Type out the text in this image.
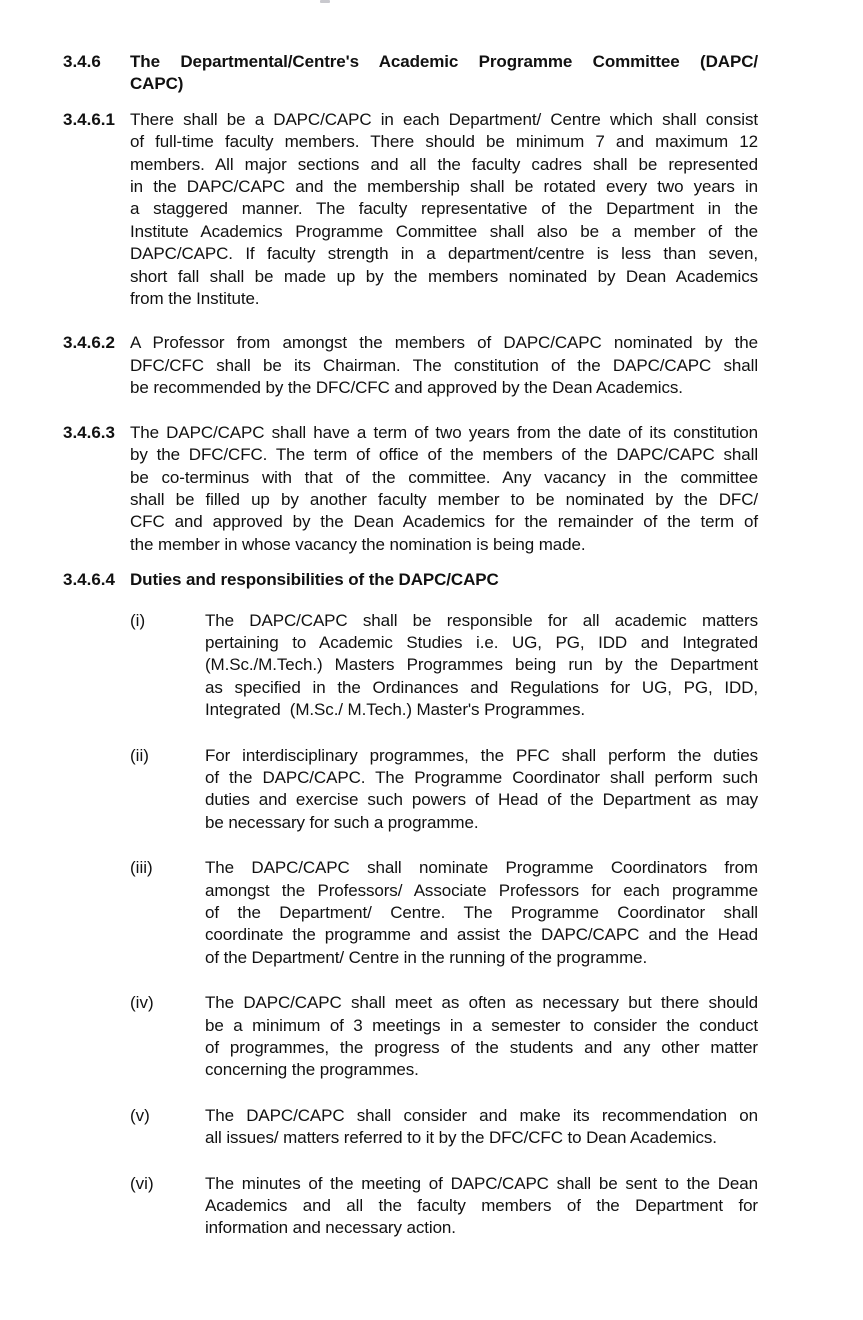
3.4.6	The Departmental/Centre's Academic Programme Committee (DAPC/
CAPC)
3.4.6.1 There shall be a DAPC/CAPC in each Department/ Centre which shall consist
of full-time faculty members. There should be minimum 7 and maximum 12
members. All major sections and all the faculty cadres shall be represented
in the DAPC/CAPC and the membership shall be rotated every two years in
a staggered manner. The faculty representative of the Department in the
Institute Academics Programme Committee shall also be a member of the
DAPC/CAPC. If faculty strength in a department/centre is less than seven,
short fall shall be made up by the members nominated by Dean Academics
from the Institute.
3.4.6.2 A Professor from amongst the members of DAPC/CAPC nominated by the
DFC/CFC shall be its Chairman. The constitution of the DAPC/CAPC shall
be recommended by the DFC/CFC and approved by the Dean Academics.
3.4.6.3 The DAPC/CAPC shall have a term of two years from the date of its constitution
by the DFC/CFC. The term of office of the members of the DAPC/CAPC shall
be co-terminus with that of the committee. Any vacancy in the committee
shall be filled up by another faculty member to be nominated by the DFC/
CFC and approved by the Dean Academics for the remainder of the term of
the member in whose vacancy the nomination is being made.
3.4.6.4 Duties and responsibilities of the DAPC/CAPC
(i)	The DAPC/CAPC shall be responsible for all academic matters
pertaining to Academic Studies i.e. UG, PG, IDD and Integrated
(M.Sc./M.Tech.) Masters Programmes being run by the Department
as specified in the Ordinances and Regulations for UG, PG, IDD,
Integrated  (M.Sc./ M.Tech.) Master's Programmes.
(ii)	For interdisciplinary programmes, the PFC shall perform the duties
of the DAPC/CAPC. The Programme Coordinator shall perform such
duties and exercise such powers of Head of the Department as may
be necessary for such a programme.
(iii)	The DAPC/CAPC shall nominate Programme Coordinators from
amongst the Professors/ Associate Professors for each programme
of the Department/ Centre. The Programme Coordinator shall
coordinate the programme and assist the DAPC/CAPC and the Head
of the Department/ Centre in the running of the programme.
(iv)	The DAPC/CAPC shall meet as often as necessary but there should
be a minimum of 3 meetings in a semester to consider the conduct
of programmes, the progress of the students and any other matter
concerning the programmes.
(v)	The DAPC/CAPC shall consider and make its recommendation on
all issues/ matters referred to it by the DFC/CFC to Dean Academics.
(vi)	The minutes of the meeting of DAPC/CAPC shall be sent to the Dean
Academics and all the faculty members of the Department for
information and necessary action.
